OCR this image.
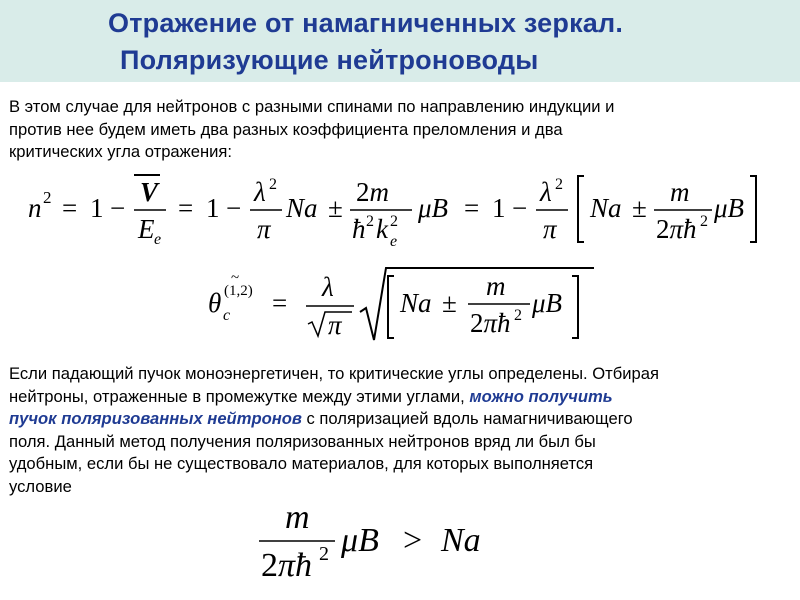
Отражение от намагниченных зеркал.
Поляризующие нейтроноводы
В этом случае для нейтронов с разными спинами по направлению индукции и
против нее будем иметь два разных коэффициента преломления и два
критических угла отражения:
n 2 = 1 −
V
E e
= 1 −
λ 2
π
Na ±
2m
ħ 2 k 2
e
μB = 1 −
λ 2
π
Na ±
m
2πħ 2 μB
θ c
(1,2)
~
=
λ
π
Na ±
m
2πħ 2 μB
Если падающий пучок моноэнергетичен, то критические углы определены. Отбирая
нейтроны, отраженные в промежутке между этими углами, можно получить
пучок поляризованных нейтронов с поляризацией вдоль намагничивающего
поля. Данный метод получения поляризованных нейтронов вряд ли был бы
удобным, если бы не существовало материалов, для которых выполняется
условие
m
2πħ 2 μB > Na
